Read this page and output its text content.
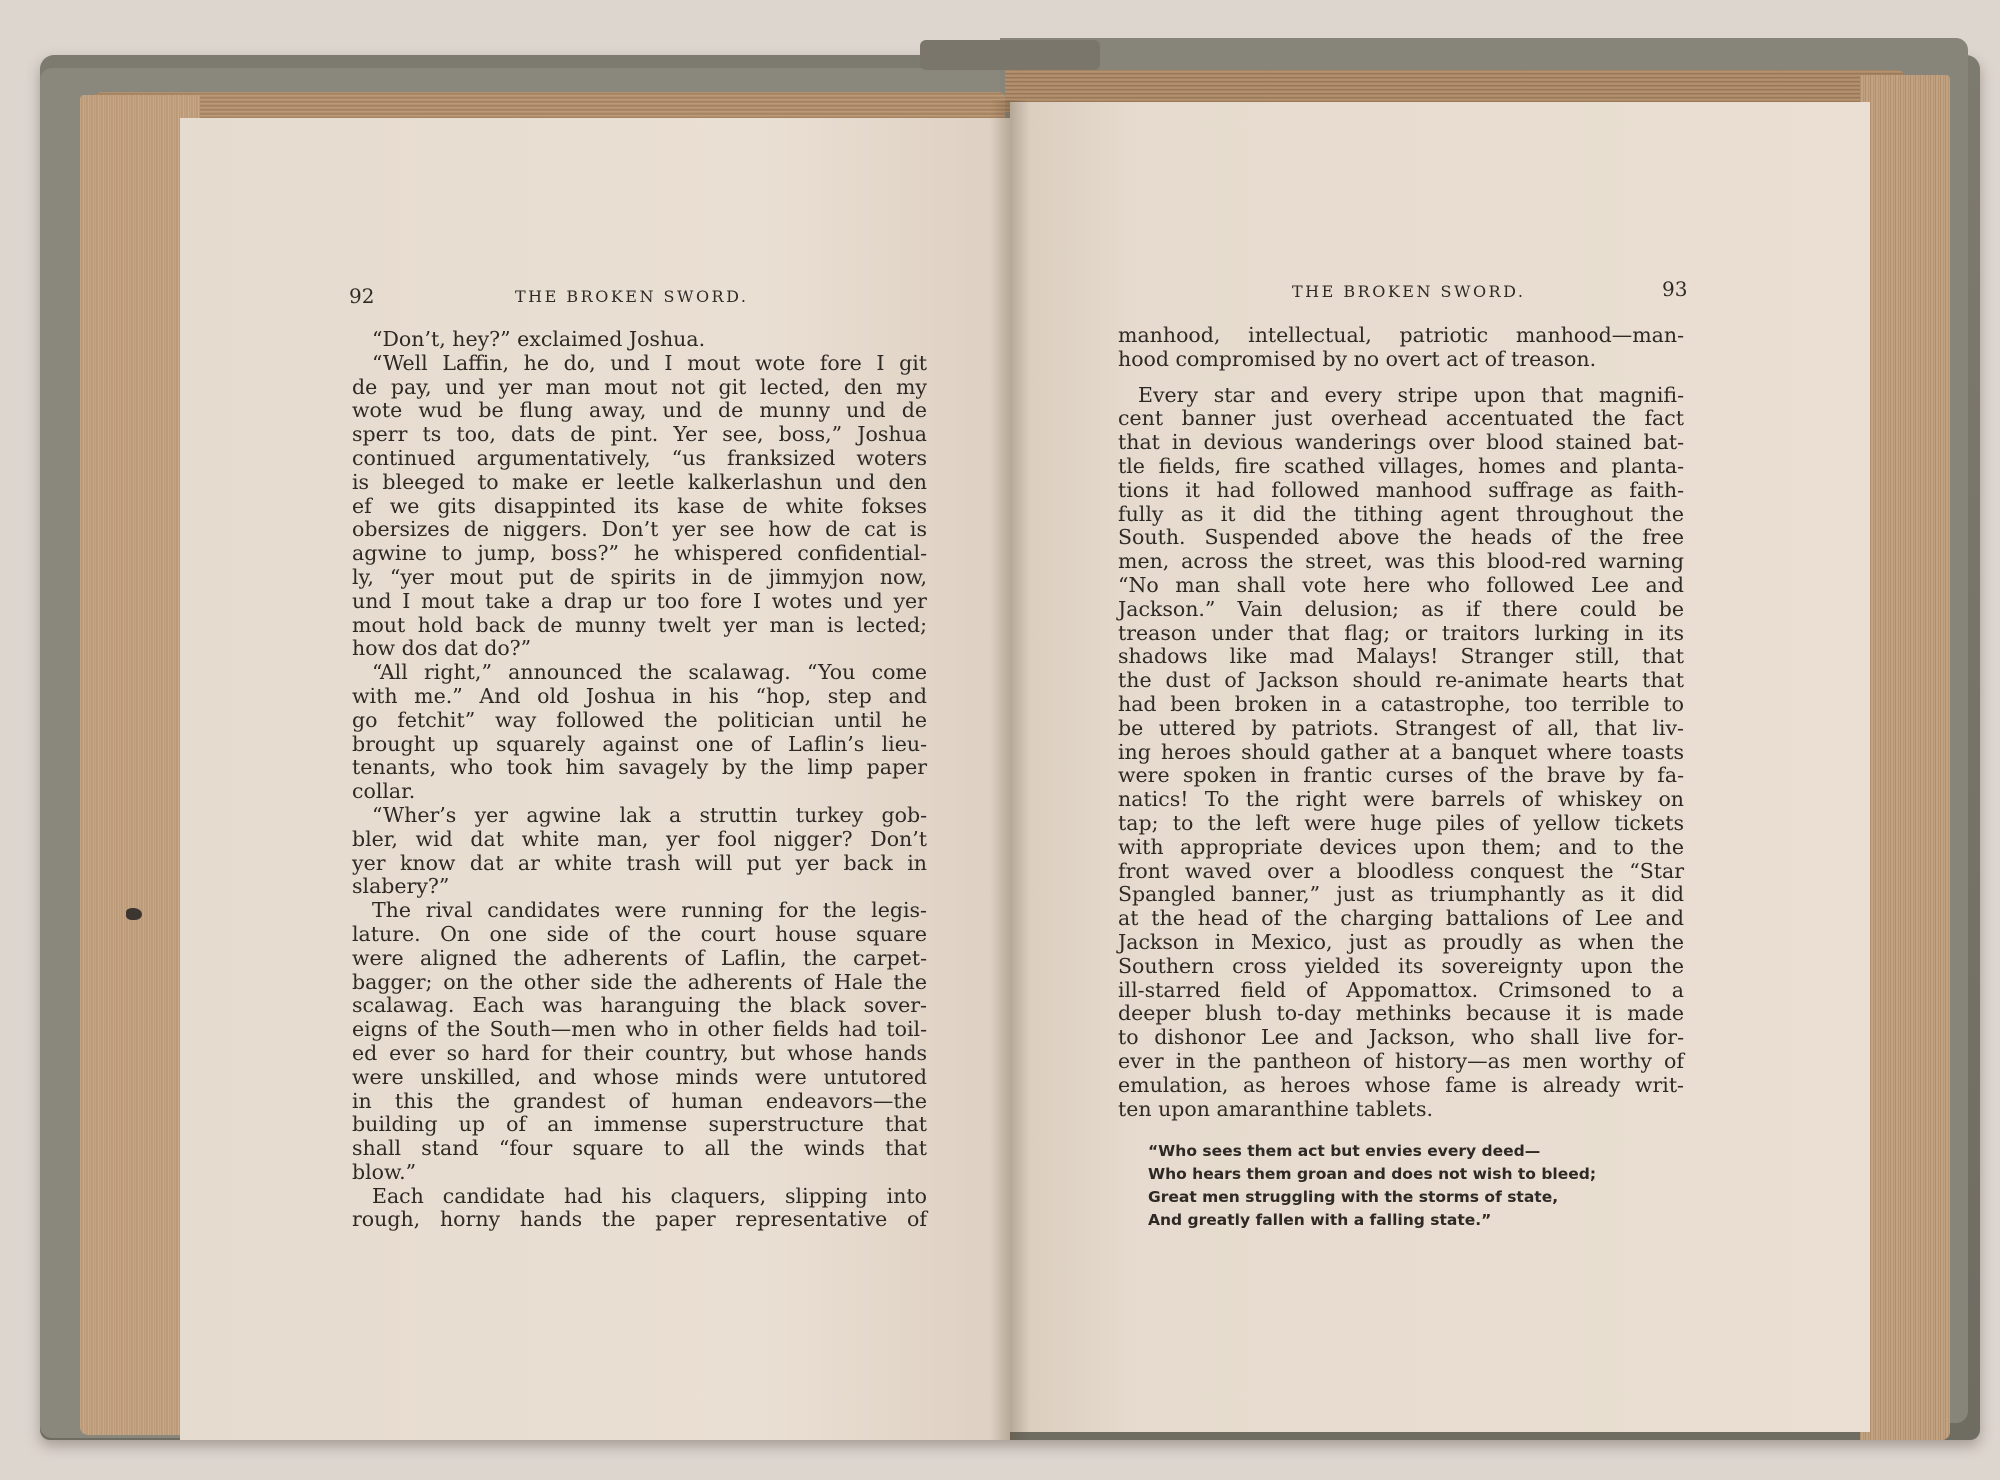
92	THE BROKEN SWORD.	THE BROKEN SWORD.	93
“Don’t, hey?” exclaimed Joshua.
“Well Laffin, he do, und I mout wote fore I git
de pay, und yer man mout not git lected, den my
wote wud be flung away, und de munny und de
sperr ts too, dats de pint. Yer see, boss,” Joshua
continued argumentatively, “us franksized woters
is bleeged to make er leetle kalkerlashun und den
ef we gits disappinted its kase de white fokses
obersizes de niggers. Don’t yer see how de cat is
agwine to jump, boss?” he whispered confidential-
ly, “yer mout put de spirits in de jimmyjon now,
und I mout take a drap ur too fore I wotes und yer
mout hold back de munny twelt yer man is lected;
how dos dat do?”
“All right,” announced the scalawag. “You come
with me.” And old Joshua in his “hop, step and
go fetchit” way followed the politician until he
brought up squarely against one of Laflin’s lieu-
tenants, who took him savagely by the limp paper
collar.
“Wher’s yer agwine lak a struttin turkey gob-
bler, wid dat white man, yer fool nigger? Don’t
yer know dat ar white trash will put yer back in
slabery?”
The rival candidates were running for the legis-
lature. On one side of the court house square
were aligned the adherents of Laflin, the carpet-
bagger; on the other side the adherents of Hale the
scalawag. Each was haranguing the black sover-
eigns of the South—men who in other fields had toil-
ed ever so hard for their country, but whose hands
were unskilled, and whose minds were untutored
in this the grandest of human endeavors—the
building up of an immense superstructure that
shall stand “four square to all the winds that
blow.”
Each candidate had his claquers, slipping into
rough, horny hands the paper representative of
manhood, intellectual, patriotic manhood—man-
hood compromised by no overt act of treason.
Every star and every stripe upon that magnifi-
cent banner just overhead accentuated the fact
that in devious wanderings over blood stained bat-
tle fields, fire scathed villages, homes and planta-
tions it had followed manhood suffrage as faith-
fully as it did the tithing agent throughout the
South. Suspended above the heads of the free
men, across the street, was this blood-red warning
“No man shall vote here who followed Lee and
Jackson.” Vain delusion; as if there could be
treason under that flag; or traitors lurking in its
shadows like mad Malays! Stranger still, that
the dust of Jackson should re-animate hearts that
had been broken in a catastrophe, too terrible to
be uttered by patriots. Strangest of all, that liv-
ing heroes should gather at a banquet where toasts
were spoken in frantic curses of the brave by fa-
natics! To the right were barrels of whiskey on
tap; to the left were huge piles of yellow tickets
with appropriate devices upon them; and to the
front waved over a bloodless conquest the “Star
Spangled banner,” just as triumphantly as it did
at the head of the charging battalions of Lee and
Jackson in Mexico, just as proudly as when the
Southern cross yielded its sovereignty upon the
ill-starred field of Appomattox. Crimsoned to a
deeper blush to-day methinks because it is made
to dishonor Lee and Jackson, who shall live for-
ever in the pantheon of history—as men worthy of
emulation, as heroes whose fame is already writ-
ten upon amaranthine tablets.
“Who sees them act but envies every deed—
Who hears them groan and does not wish to bleed;
Great men struggling with the storms of state,
And greatly fallen with a falling state.”
